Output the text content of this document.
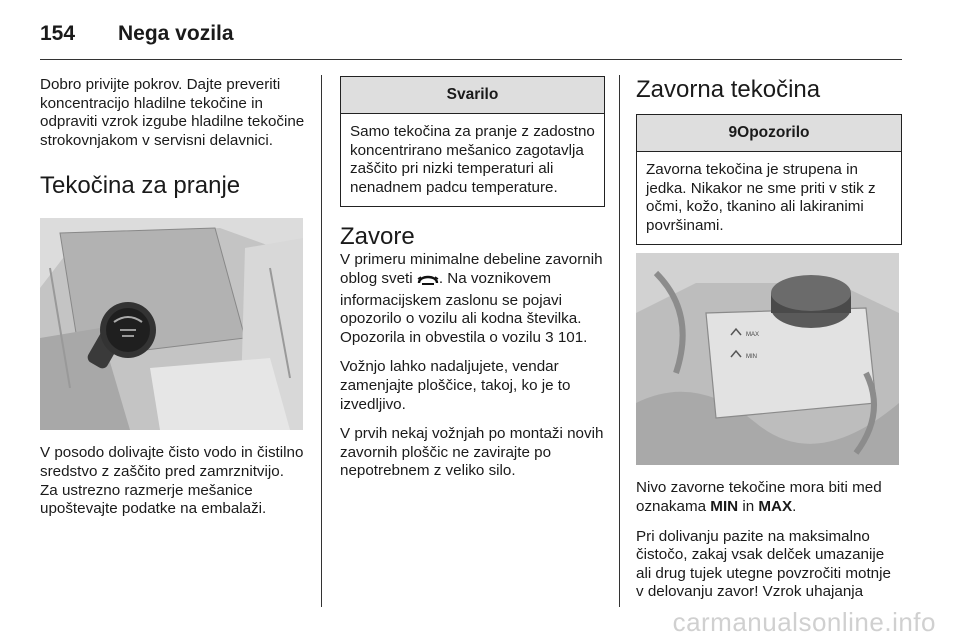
154	Nega vozila

Dobro privijte pokrov. Dajte preveriti koncentracijo hladilne tekočine in odpraviti vzrok izgube hladilne tekočine strokovnjakom v servisni delavnici.

Tekočina za pranje

V posodo dolivajte čisto vodo in čistilno sredstvo z zaščito pred zamrznitvijo. Za ustrezno razmerje mešanice upoštevajte podatke na embalaži.

Svarilo
Samo tekočina za pranje z zadostno koncentrirano mešanico zagotavlja zaščito pri nizki temperaturi ali nenadnem padcu temperature.
Zavore

V primeru minimalne debeline zavornih oblog sveti . Na voznikovem informacijskem zaslonu se pojavi opozorilo o vozilu ali kodna številka. Opozorila in obvestila o vozilu 3 101.

Vožnjo lahko nadaljujete, vendar zamenjajte ploščice, takoj, ko je to izvedljivo.

V prvih nekaj vožnjah po montaži novih zavornih ploščic ne zavirajte po nepotrebnem z veliko silo.

Zavorna tekočina
9Opozorilo
Zavorna tekočina je strupena in jedka. Nikakor ne sme priti v stik z očmi, kožo, tkanino ali lakiranimi površinami.
MAX
MIN

Nivo zavorne tekočine mora biti med oznakama MIN in MAX.

Pri dolivanju pazite na maksimalno čistočo, zakaj vsak delček umazanije ali drug tujek utegne povzročiti motnje v delovanju zavor! Vzrok uhajanja

carmanualsonline.info
